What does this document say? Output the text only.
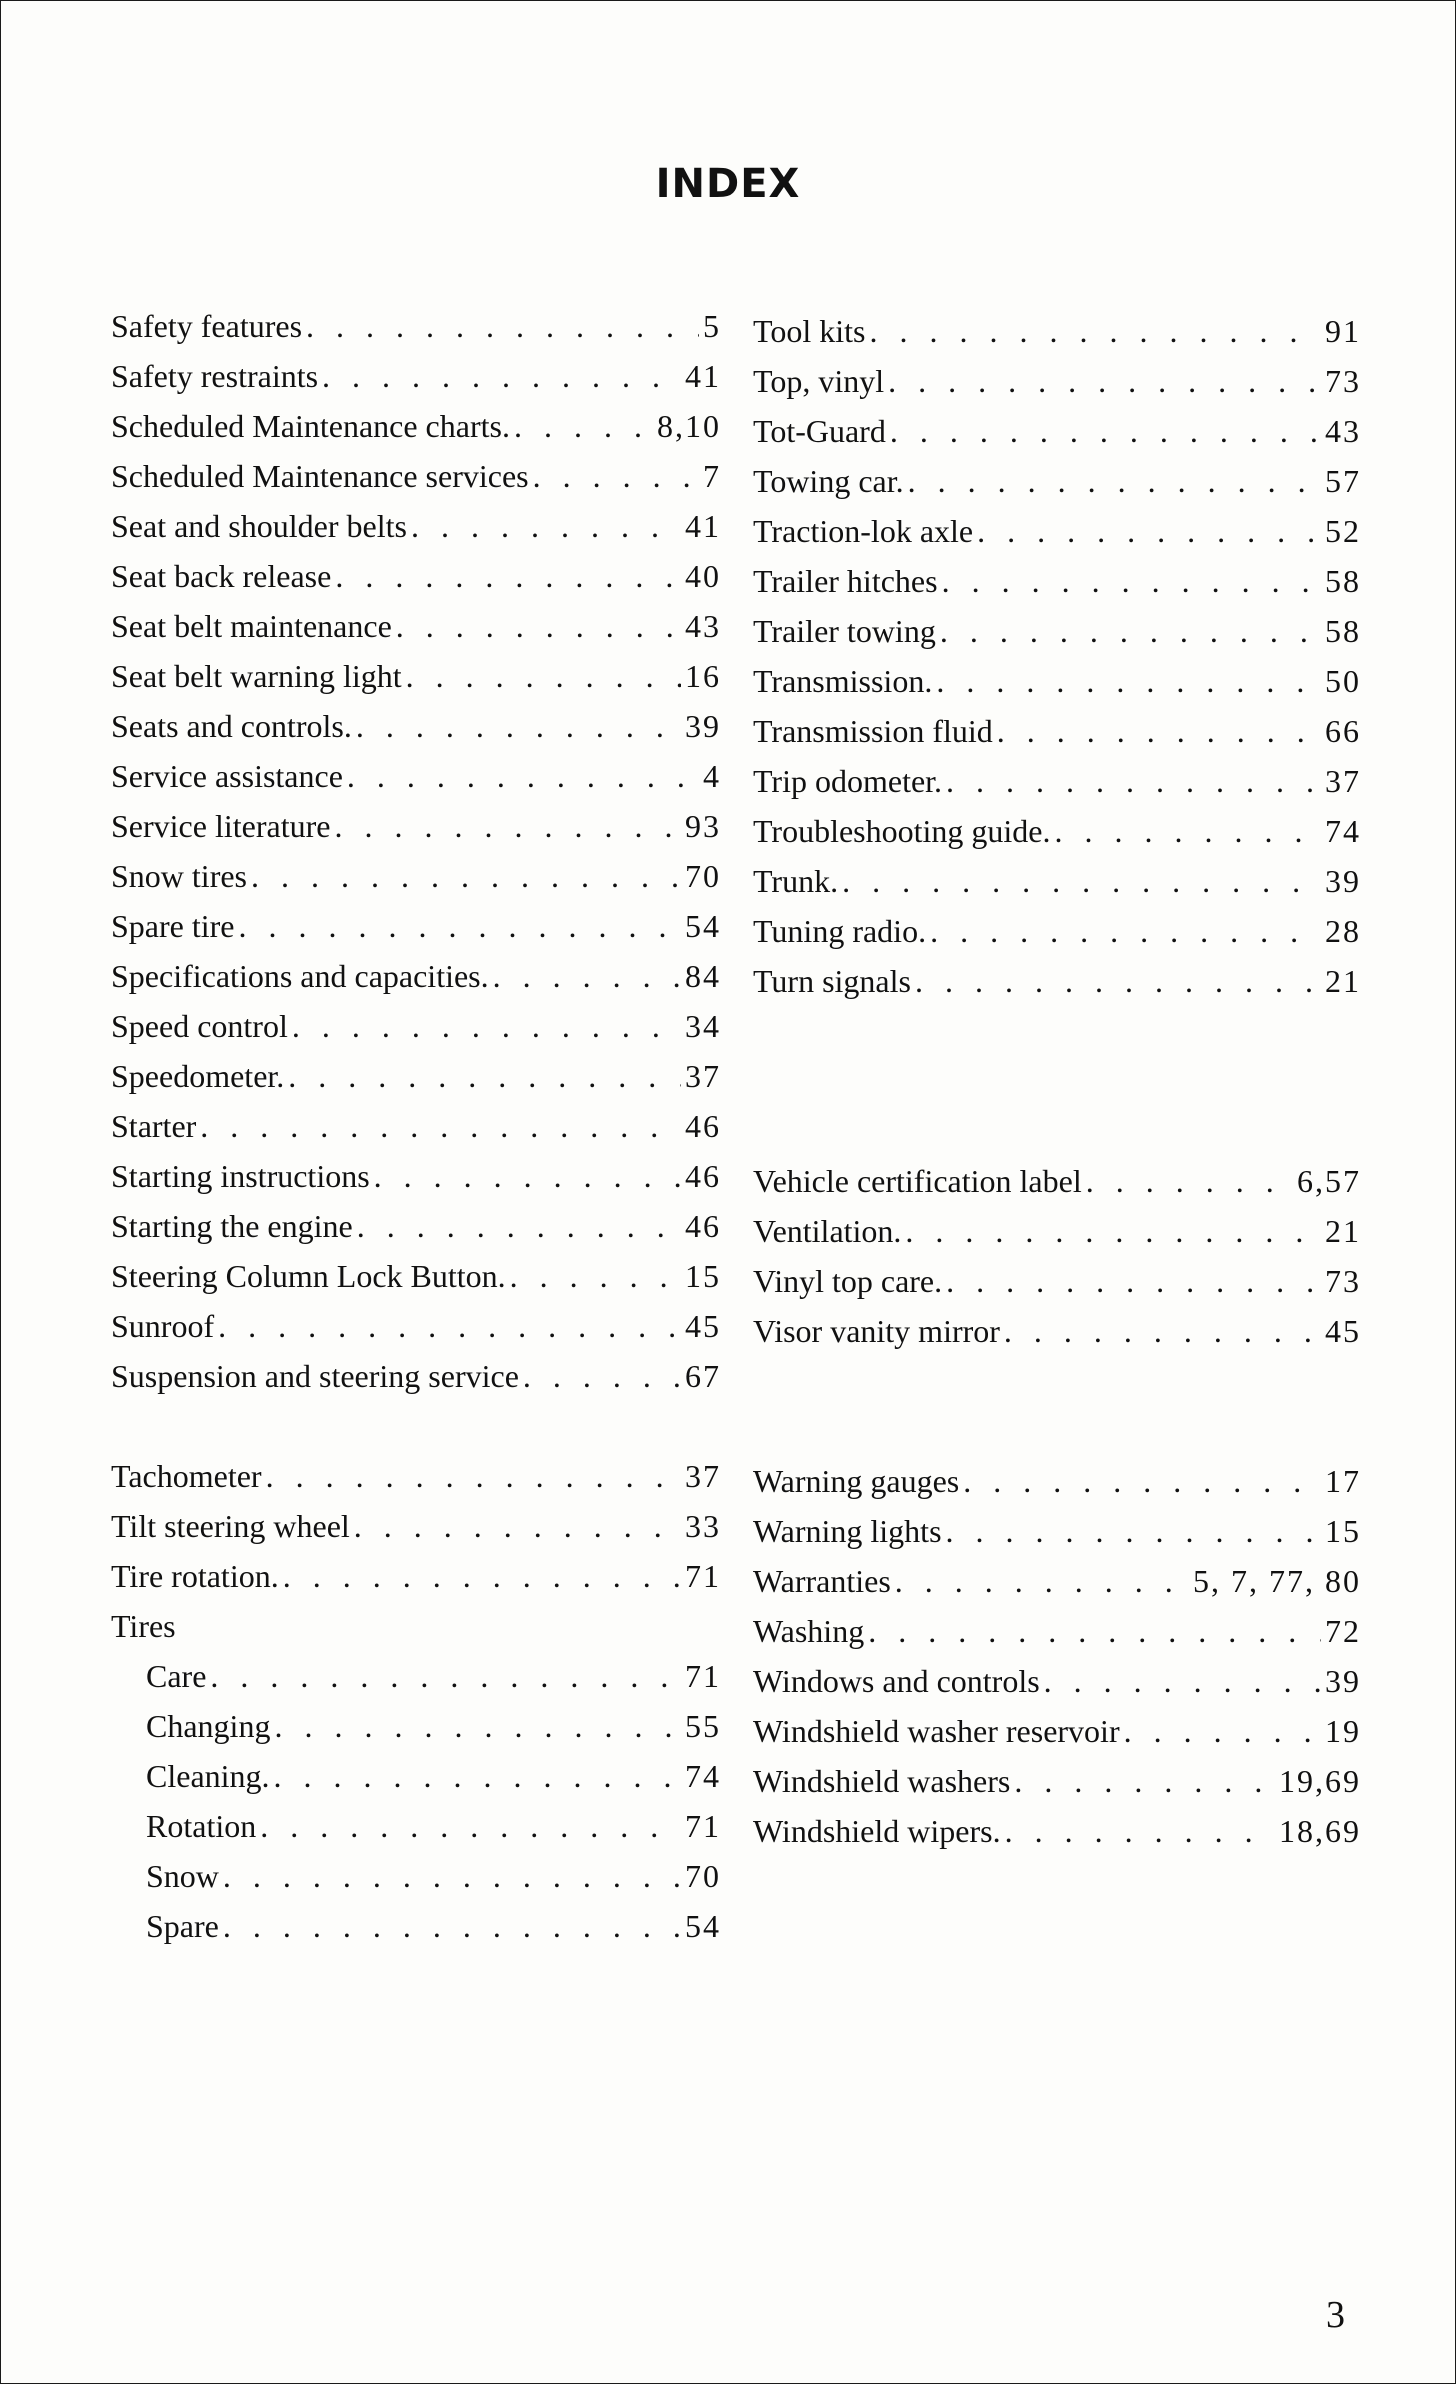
INDEX
Safety features . . .	5
Safety restraints . . .	41
Scheduled Maintenance charts. . . .	8,10
Scheduled Maintenance services . . .	7
Seat and shoulder belts . . .	41
Seat back release . . .	40
Seat belt maintenance . . .	43
Seat belt warning light . . .	16
Seats and controls. . . .	39
Service assistance . . .	4
Service literature . . .	93
Snow tires . . .	70
Spare tire . . .	54
Specifications and capacities. . . .	84
Speed control . . .	34
Speedometer. . . .	37
Starter . . .	46
Starting instructions . . .	46
Starting the engine . . .	46
Steering Column Lock Button. . . .	15
Sunroof . . .	45
Suspension and steering service . . .	67
Tachometer . . .	37
Tilt steering wheel . . .	33
Tire rotation. . . .	71
Tires
Care . . .	71
Changing . . .	55
Cleaning. . . .	74
Rotation . . .	71
Snow . . .	70
Spare . . .	54
Tool kits . . .	91
Top, vinyl . . .	73
Tot-Guard . . .	43
Towing car. . . .	57
Traction-lok axle . . .	52
Trailer hitches . . .	58
Trailer towing . . .	58
Transmission. . . .	50
Transmission fluid . . .	66
Trip odometer. . . .	37
Troubleshooting guide. . . .	74
Trunk. . . .	39
Tuning radio. . . .	28
Turn signals . . .	21
Vehicle certification label . . .	6,57
Ventilation. . . .	21
Vinyl top care. . . .	73
Visor vanity mirror . . .	45
Warning gauges . . .	17
Warning lights . . .	15
Warranties . . .	5, 7, 77, 80
Washing . . .	72
Windows and controls . . .	39
Windshield washer reservoir . . .	19
Windshield washers . . .	19,69
Windshield wipers. . . .	18,69
3
